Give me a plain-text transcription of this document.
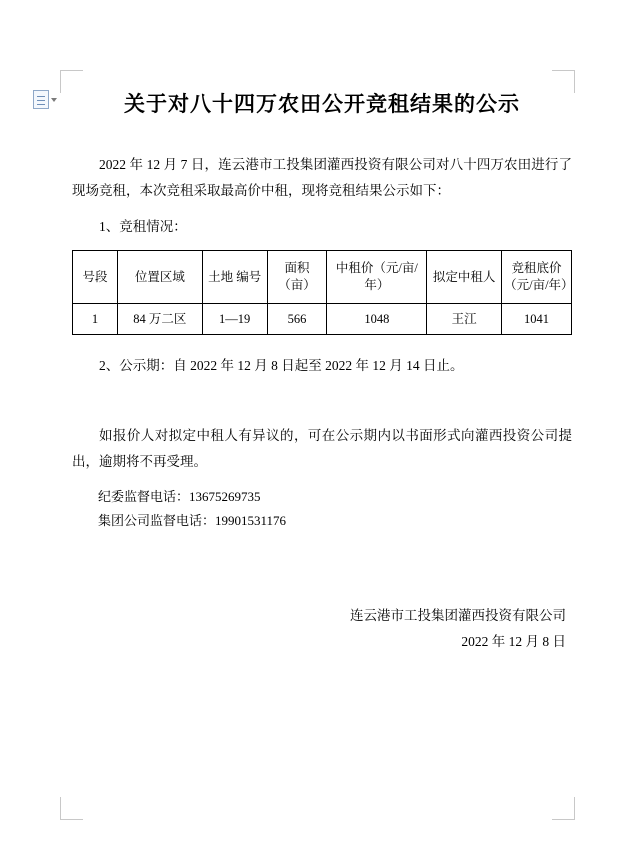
关于对八十四万农田公开竞租结果的公示

2022 年 12 月 7 日，连云港市工投集团灌西投资有限公司对八十四万农田进行了现场竞租，本次竞租采取最高价中租，现将竞租结果公示如下：

1、竞租情况：

号段	位置区域	土地 编号	面积（亩）	中租价（元/亩/年）	拟定中租人	竞租底价（元/亩/年）
1	84 万二区	1—19	566	1048	王江	1041

2、公示期：自 2022 年 12 月 8 日起至 2022 年 12 月 14 日止。

如报价人对拟定中租人有异议的，可在公示期内以书面形式向灌西投资公司提出，逾期将不再受理。

纪委监督电话：13675269735

集团公司监督电话：19901531176

连云港市工投集团灌西投资有限公司

2022 年 12 月 8 日
